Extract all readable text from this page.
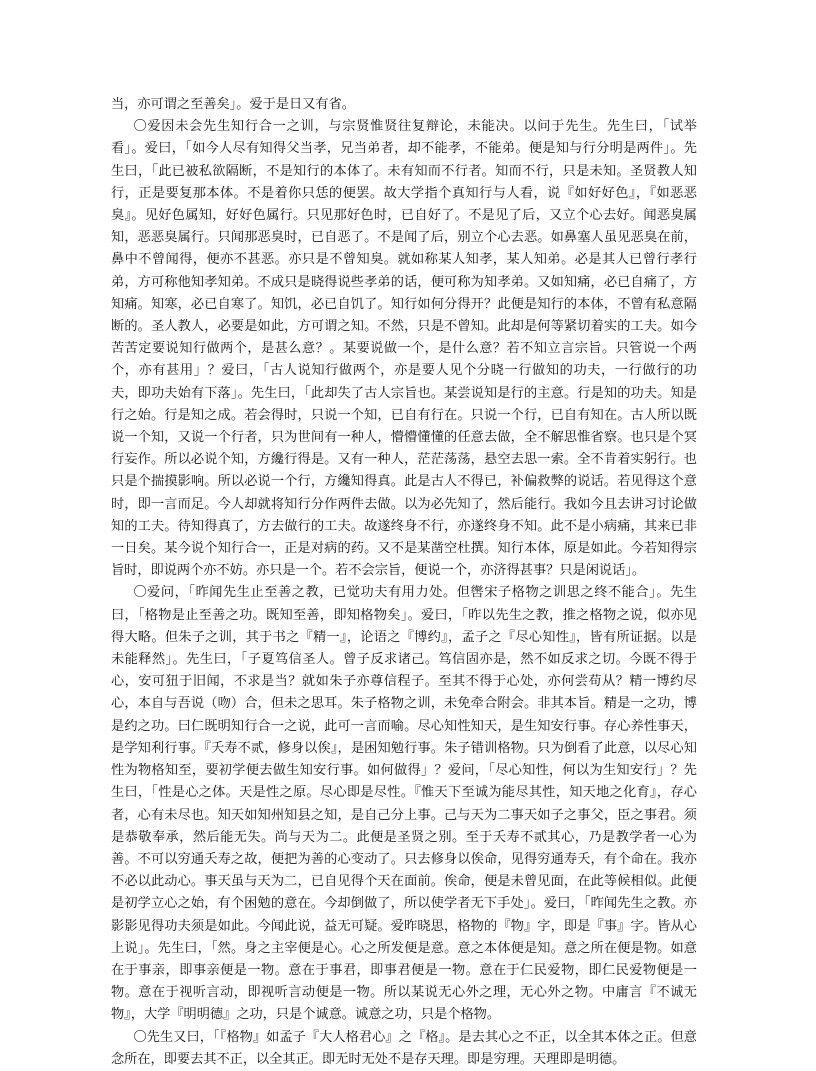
当，亦可谓之至善矣」。爱于是日又有省。

〇爱因未会先生知行合一之训，与宗贤惟贤往复辩论，未能决。以问于先生。先生曰，「试举看」。爱曰，「如今人尽有知得父当孝，兄当弟者，却不能孝，不能弟。便是知与行分明是两件」。先生曰，「此已被私欲隔断，不是知行的本体了。未有知而不行者。知而不行，只是未知。圣贤教人知行，正是要复那本体。不是着你只恁的便罢。故大学指个真知行与人看，说『如好好色』，『如恶恶臭』。见好色属知，好好色属行。只见那好色时，已自好了。不是见了后，又立个心去好。闻恶臭属知，恶恶臭属行。只闻那恶臭时，已自恶了。不是闻了后，别立个心去恶。如鼻塞人虽见恶臭在前，鼻中不曾闻得，便亦不甚恶。亦只是不曾知臭。就如称某人知孝，某人知弟。必是其人已曾行孝行弟，方可称他知孝知弟。不成只是晓得说些孝弟的话，便可称为知孝弟。又如知痛，必已自痛了，方知痛。知寒，必已自寒了。知饥，必已自饥了。知行如何分得开？此便是知行的本体，不曾有私意隔断的。圣人教人，必要是如此，方可谓之知。不然，只是不曾知。此却是何等紧切着实的工夫。如今苦苦定要说知行做两个，是甚么意？。某要说做一个，是什么意？若不知立言宗旨。只管说一个两个，亦有甚用」？爱曰，「古人说知行做两个，亦是要人见个分晓一行做知的功夫，一行做行的功夫，即功夫始有下落」。先生曰，「此却失了古人宗旨也。某尝说知是行的主意。行是知的功夫。知是行之始。行是知之成。若会得时，只说一个知，已自有行在。只说一个行，已自有知在。古人所以既说一个知，又说一个行者，只为世间有一种人，懵懵懂懂的任意去做，全不解思惟省察。也只是个冥行妄作。所以必说个知，方纔行得是。又有一种人，茫茫荡荡，悬空去思一索。全不肯着实躬行。也只是个揣摸影响。所以必说一个行，方纔知得真。此是古人不得已，补偏救弊的说话。若见得这个意时，即一言而足。今人却就将知行分作两件去做。以为必先知了，然后能行。我如今且去讲习讨论做知的工夫。待知得真了，方去做行的工夫。故遂终身不行，亦遂终身不知。此不是小病痛，其来已非一日矣。某今说个知行合一，正是对病的药。又不是某凿空杜撰。知行本体，原是如此。今若知得宗旨时，即说两个亦不妨。亦只是一个。若不会宗旨，便说一个，亦济得甚事？只是闲说话」。

〇爱问，「昨闻先生止至善之教，已觉功夫有用力处。但辔宋子格物之训思之终不能合」。先生曰，「格物是止至善之功。既知至善，即知格物矣」。爱曰，「昨以先生之教，推之格物之说，似亦见得大略。但朱子之训，其于书之『精一』，论语之『博约』，孟子之『尽心知性』，皆有所证据。以是未能释然」。先生曰，「子夏笃信圣人。曾子反求诸己。笃信固亦是，然不如反求之切。今既不得于心，安可狃于旧闻，不求是当？就如朱子亦尊信程子。至其不得于心处，亦何尝苟从？精一博约尽心，本自与吾说（吻）合，但未之思耳。朱子格物之训，未免牵合附会。非其本旨。精是一之功，博是约之功。曰仁既明知行合一之说，此可一言而喻。尽心知性知天，是生知安行事。存心养性事天，是学知利行事。『夭寿不贰，修身以俟』，是困知勉行事。朱子错训格物。只为倒看了此意，以尽心知性为物格知至，要初学便去做生知安行事。如何做得」？爱问，「尽心知性，何以为生知安行」？先生曰，「性是心之体。天是性之原。尽心即是尽性。『惟天下至诚为能尽其性，知天地之化育』，存心者，心有未尽也。知天如知州知县之知，是自己分上事。己与天为二事天如子之事父，臣之事君。须是恭敬奉承，然后能无失。尚与天为二。此便是圣贤之别。至于夭寿不贰其心，乃是教学者一心为善。不可以穷通夭寿之故，便把为善的心变动了。只去修身以俟命，见得穷通寿夭，有个命在。我亦不必以此动心。事天虽与天为二，已自见得个天在面前。俟命，便是未曾见面，在此等候相似。此便是初学立心之始，有个困勉的意在。今却倒做了，所以使学者无下手处」。爱曰，「昨闻先生之教。亦影影见得功夫须是如此。今闻此说，益无可疑。爱昨晓思，格物的『物』字，即是『事』字。皆从心上说」。先生曰，「然。身之主宰便是心。心之所发便是意。意之本体便是知。意之所在便是物。如意在于事亲，即事亲便是一物。意在于事君，即事君便是一物。意在于仁民爱物，即仁民爱物便是一物。意在于视听言动，即视听言动便是一物。所以某说无心外之理，无心外之物。中庸言『不诚无物』，大学『明明德』之功，只是个诚意。诚意之功，只是个格物。

〇先生又曰，「『格物』如孟子『大人格君心』之『格』。是去其心之不正，以全其本体之正。但意念所在，即要去其不正，以全其正。即无时无处不是存天理。即是穷理。天理即是明德。
